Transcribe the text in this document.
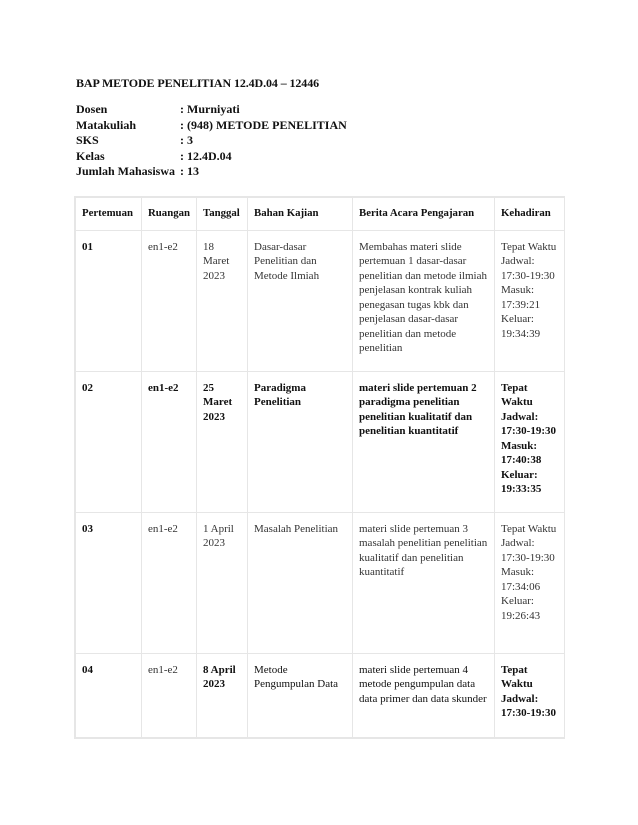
BAP METODE PENELITIAN 12.4D.04 – 12446
Dosen	: Murniyati
Matakuliah	: (948) METODE PENELITIAN
SKS	: 3
Kelas	: 12.4D.04
Jumlah Mahasiswa : 13
Pertemuan	Ruangan	Tanggal	Bahan Kajian	Berita Acara Pengajaran	Kehadiran
01	en1-e2	18 Maret 2023	Dasar-dasar Penelitian dan Metode Ilmiah	Membahas materi slide pertemuan 1 dasar-dasar penelitian dan metode ilmiah penjelasan kontrak kuliah penegasan tugas kbk dan penjelasan dasar-dasar penelitian dan metode penelitian	Tepat Waktu Jadwal: 17:30-19:30 Masuk: 17:39:21 Keluar: 19:34:39
02	en1-e2	25 Maret 2023	Paradigma Penelitian	materi slide pertemuan 2 paradigma penelitian penelitian kualitatif dan penelitian kuantitatif	Tepat Waktu Jadwal: 17:30-19:30 Masuk: 17:40:38 Keluar: 19:33:35
03	en1-e2	1 April 2023	Masalah Penelitian	materi slide pertemuan 3 masalah penelitian penelitian kualitatif dan penelitian kuantitatif	Tepat Waktu Jadwal: 17:30-19:30 Masuk: 17:34:06 Keluar: 19:26:43
04	en1-e2	8 April 2023	Metode Pengumpulan Data	materi slide pertemuan 4 metode pengumpulan data data primer dan data skunder	Tepat Waktu Jadwal: 17:30-19:30
